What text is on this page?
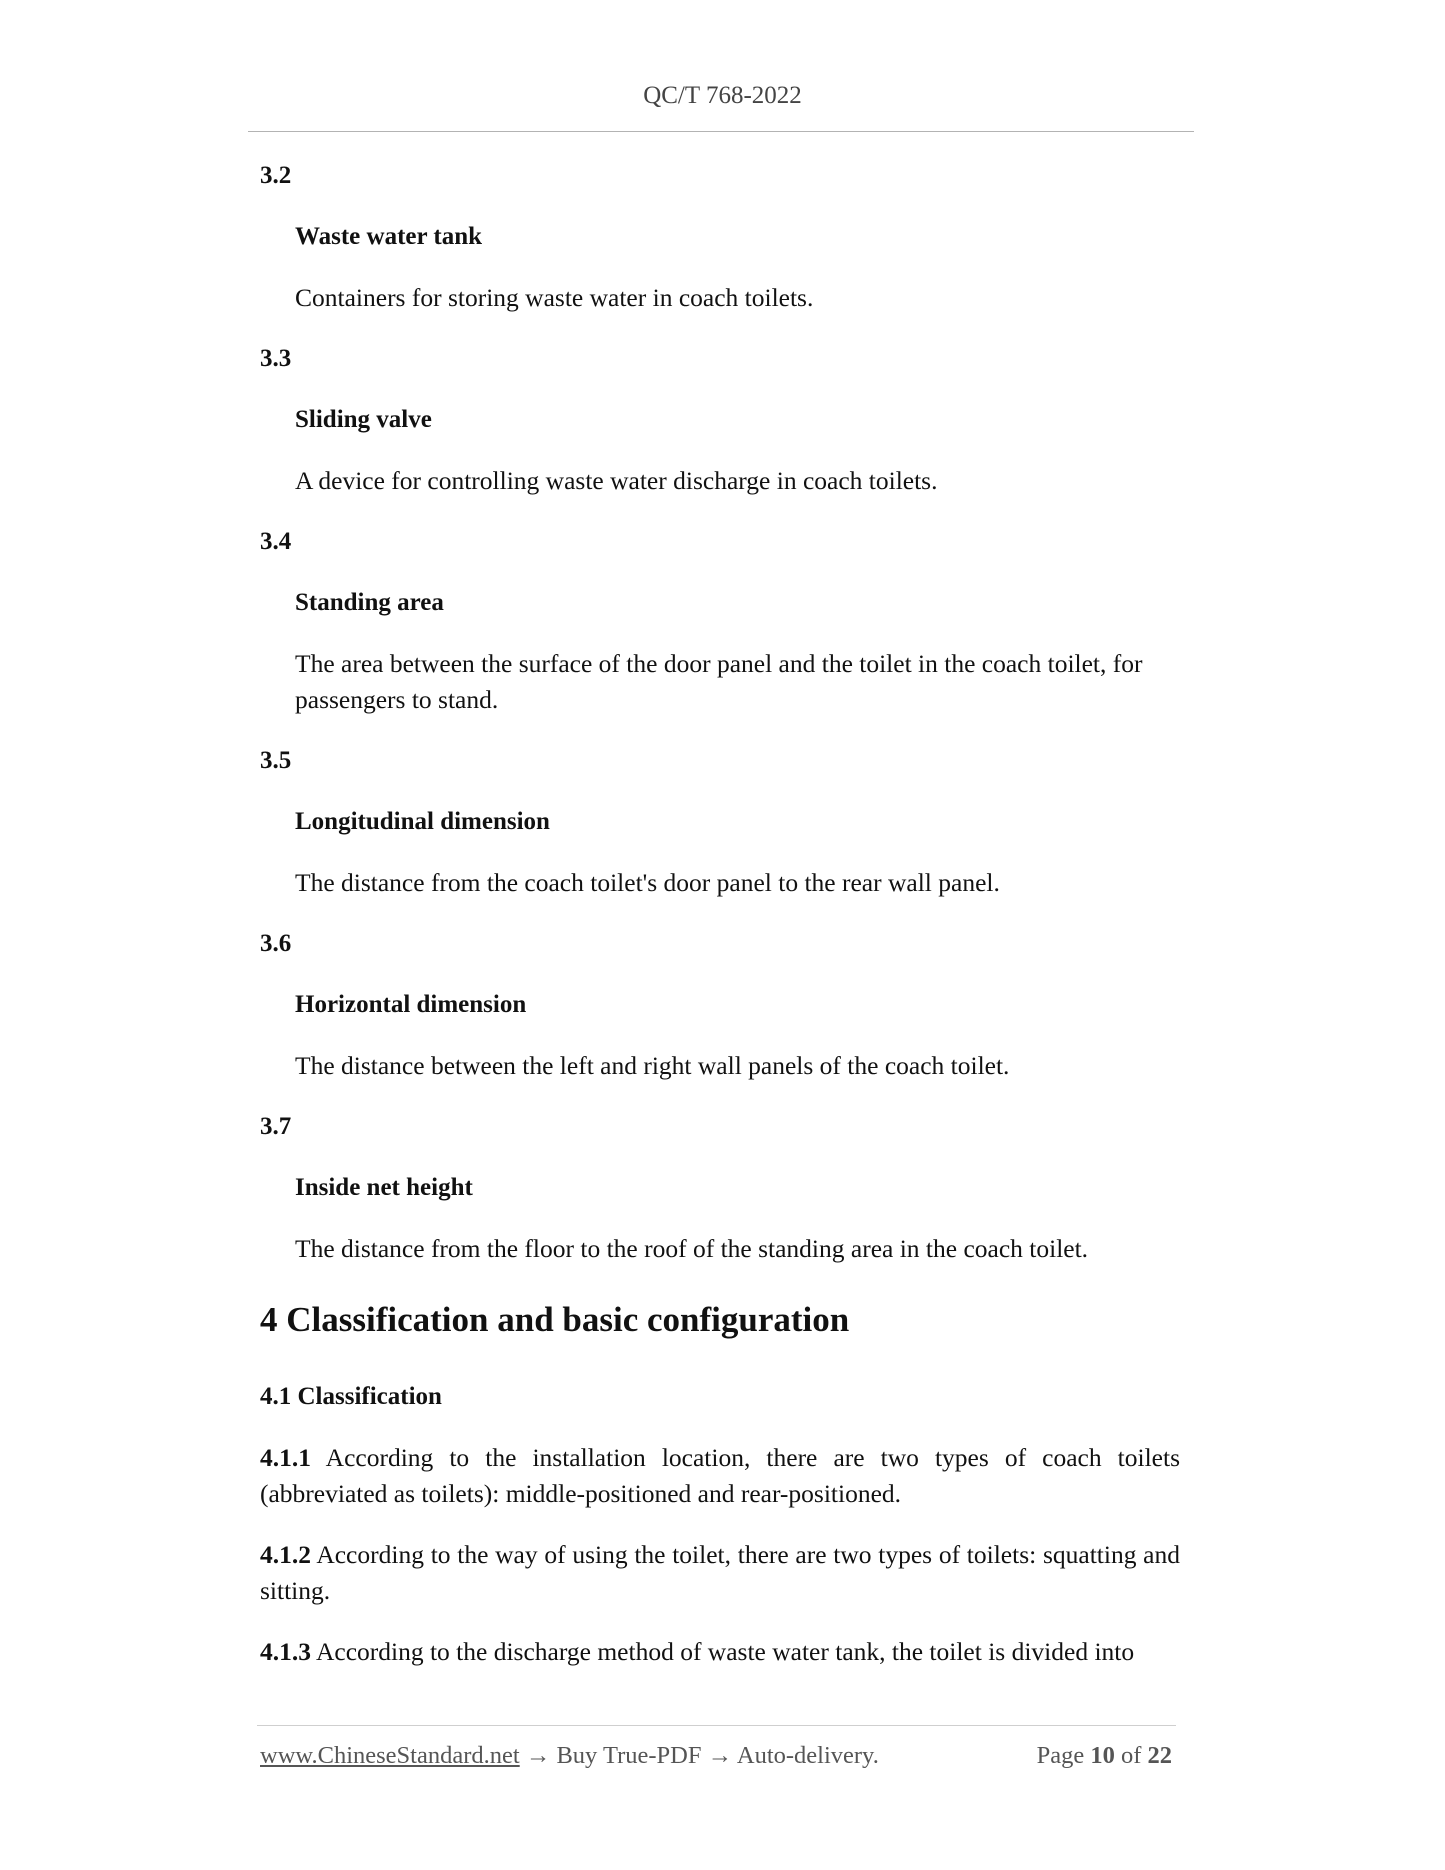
QC/T 768-2022
3.2
Waste water tank
Containers for storing waste water in coach toilets.
3.3
Sliding valve
A device for controlling waste water discharge in coach toilets.
3.4
Standing area
The area between the surface of the door panel and the toilet in the coach toilet, for passengers to stand.
3.5
Longitudinal dimension
The distance from the coach toilet's door panel to the rear wall panel.
3.6
Horizontal dimension
The distance between the left and right wall panels of the coach toilet.
3.7
Inside net height
The distance from the floor to the roof of the standing area in the coach toilet.
4 Classification and basic configuration
4.1 Classification
4.1.1 According to the installation location, there are two types of coach toilets (abbreviated as toilets): middle-positioned and rear-positioned.
4.1.2 According to the way of using the toilet, there are two types of toilets: squatting and sitting.
4.1.3 According to the discharge method of waste water tank, the toilet is divided into
www.ChineseStandard.net → Buy True-PDF → Auto-delivery.	Page 10 of 22
